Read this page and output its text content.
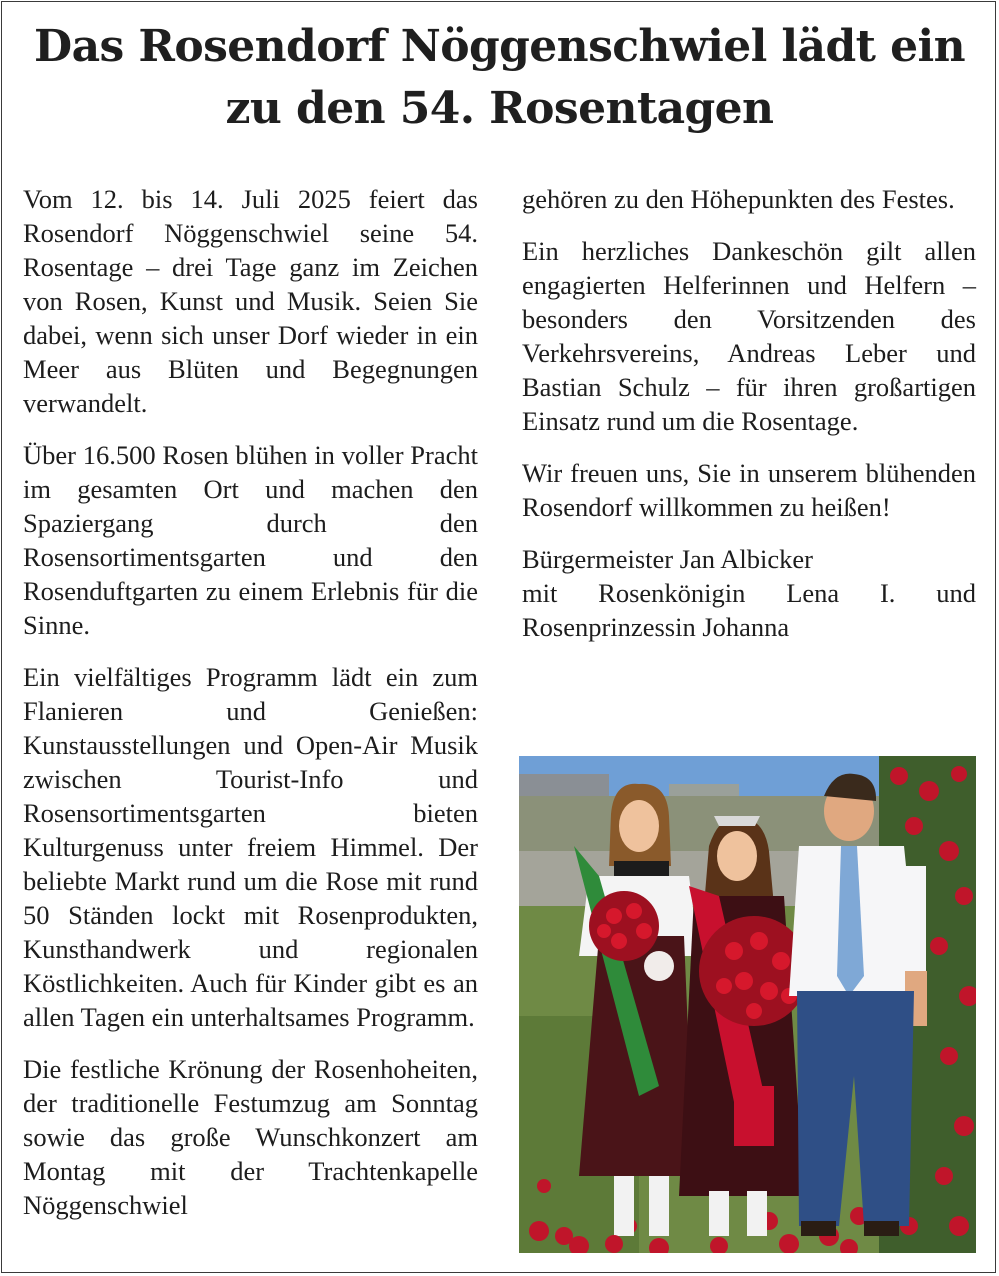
Das Rosendorf Nöggenschwiel lädt ein
zu den 54. Rosentagen

Vom 12. bis 14. Juli 2025 feiert das Rosendorf Nöggenschwiel seine 54. Rosentage – drei Tage ganz im Zeichen von Rosen, Kunst und Musik. Seien Sie dabei, wenn sich unser Dorf wieder in ein Meer aus Blüten und Begegnungen verwandelt.

Über 16.500 Rosen blühen in voller Pracht im gesamten Ort und machen den Spaziergang durch den Rosensortimentsgarten und den Rosenduftgarten zu einem Erlebnis für die Sinne.

Ein vielfältiges Programm lädt ein zum Flanieren und Genießen: Kunstausstellungen und Open-Air Musik zwischen Tourist-Info und Rosensortimentsgarten bieten Kulturgenuss unter freiem Himmel. Der beliebte Markt rund um die Rose mit rund 50 Ständen lockt mit Rosenprodukten, Kunsthandwerk und regionalen Köstlichkeiten. Auch für Kinder gibt es an allen Tagen ein unterhaltsames Programm.

Die festliche Krönung der Rosenhoheiten, der traditionelle Festumzug am Sonntag sowie das große Wunschkonzert am Montag mit der Trachtenkapelle Nöggenschwiel

gehören zu den Höhepunkten des Festes.

Ein herzliches Dankeschön gilt allen engagierten Helferinnen und Helfern – besonders den Vorsitzenden des Verkehrsvereins, Andreas Leber und Bastian Schulz – für ihren großartigen Einsatz rund um die Rosentage.

Wir freuen uns, Sie in unserem blühenden Rosendorf willkommen zu heißen!

Bürgermeister Jan Albicker
mit Rosenkönigin Lena I. und
Rosenprinzessin Johanna
